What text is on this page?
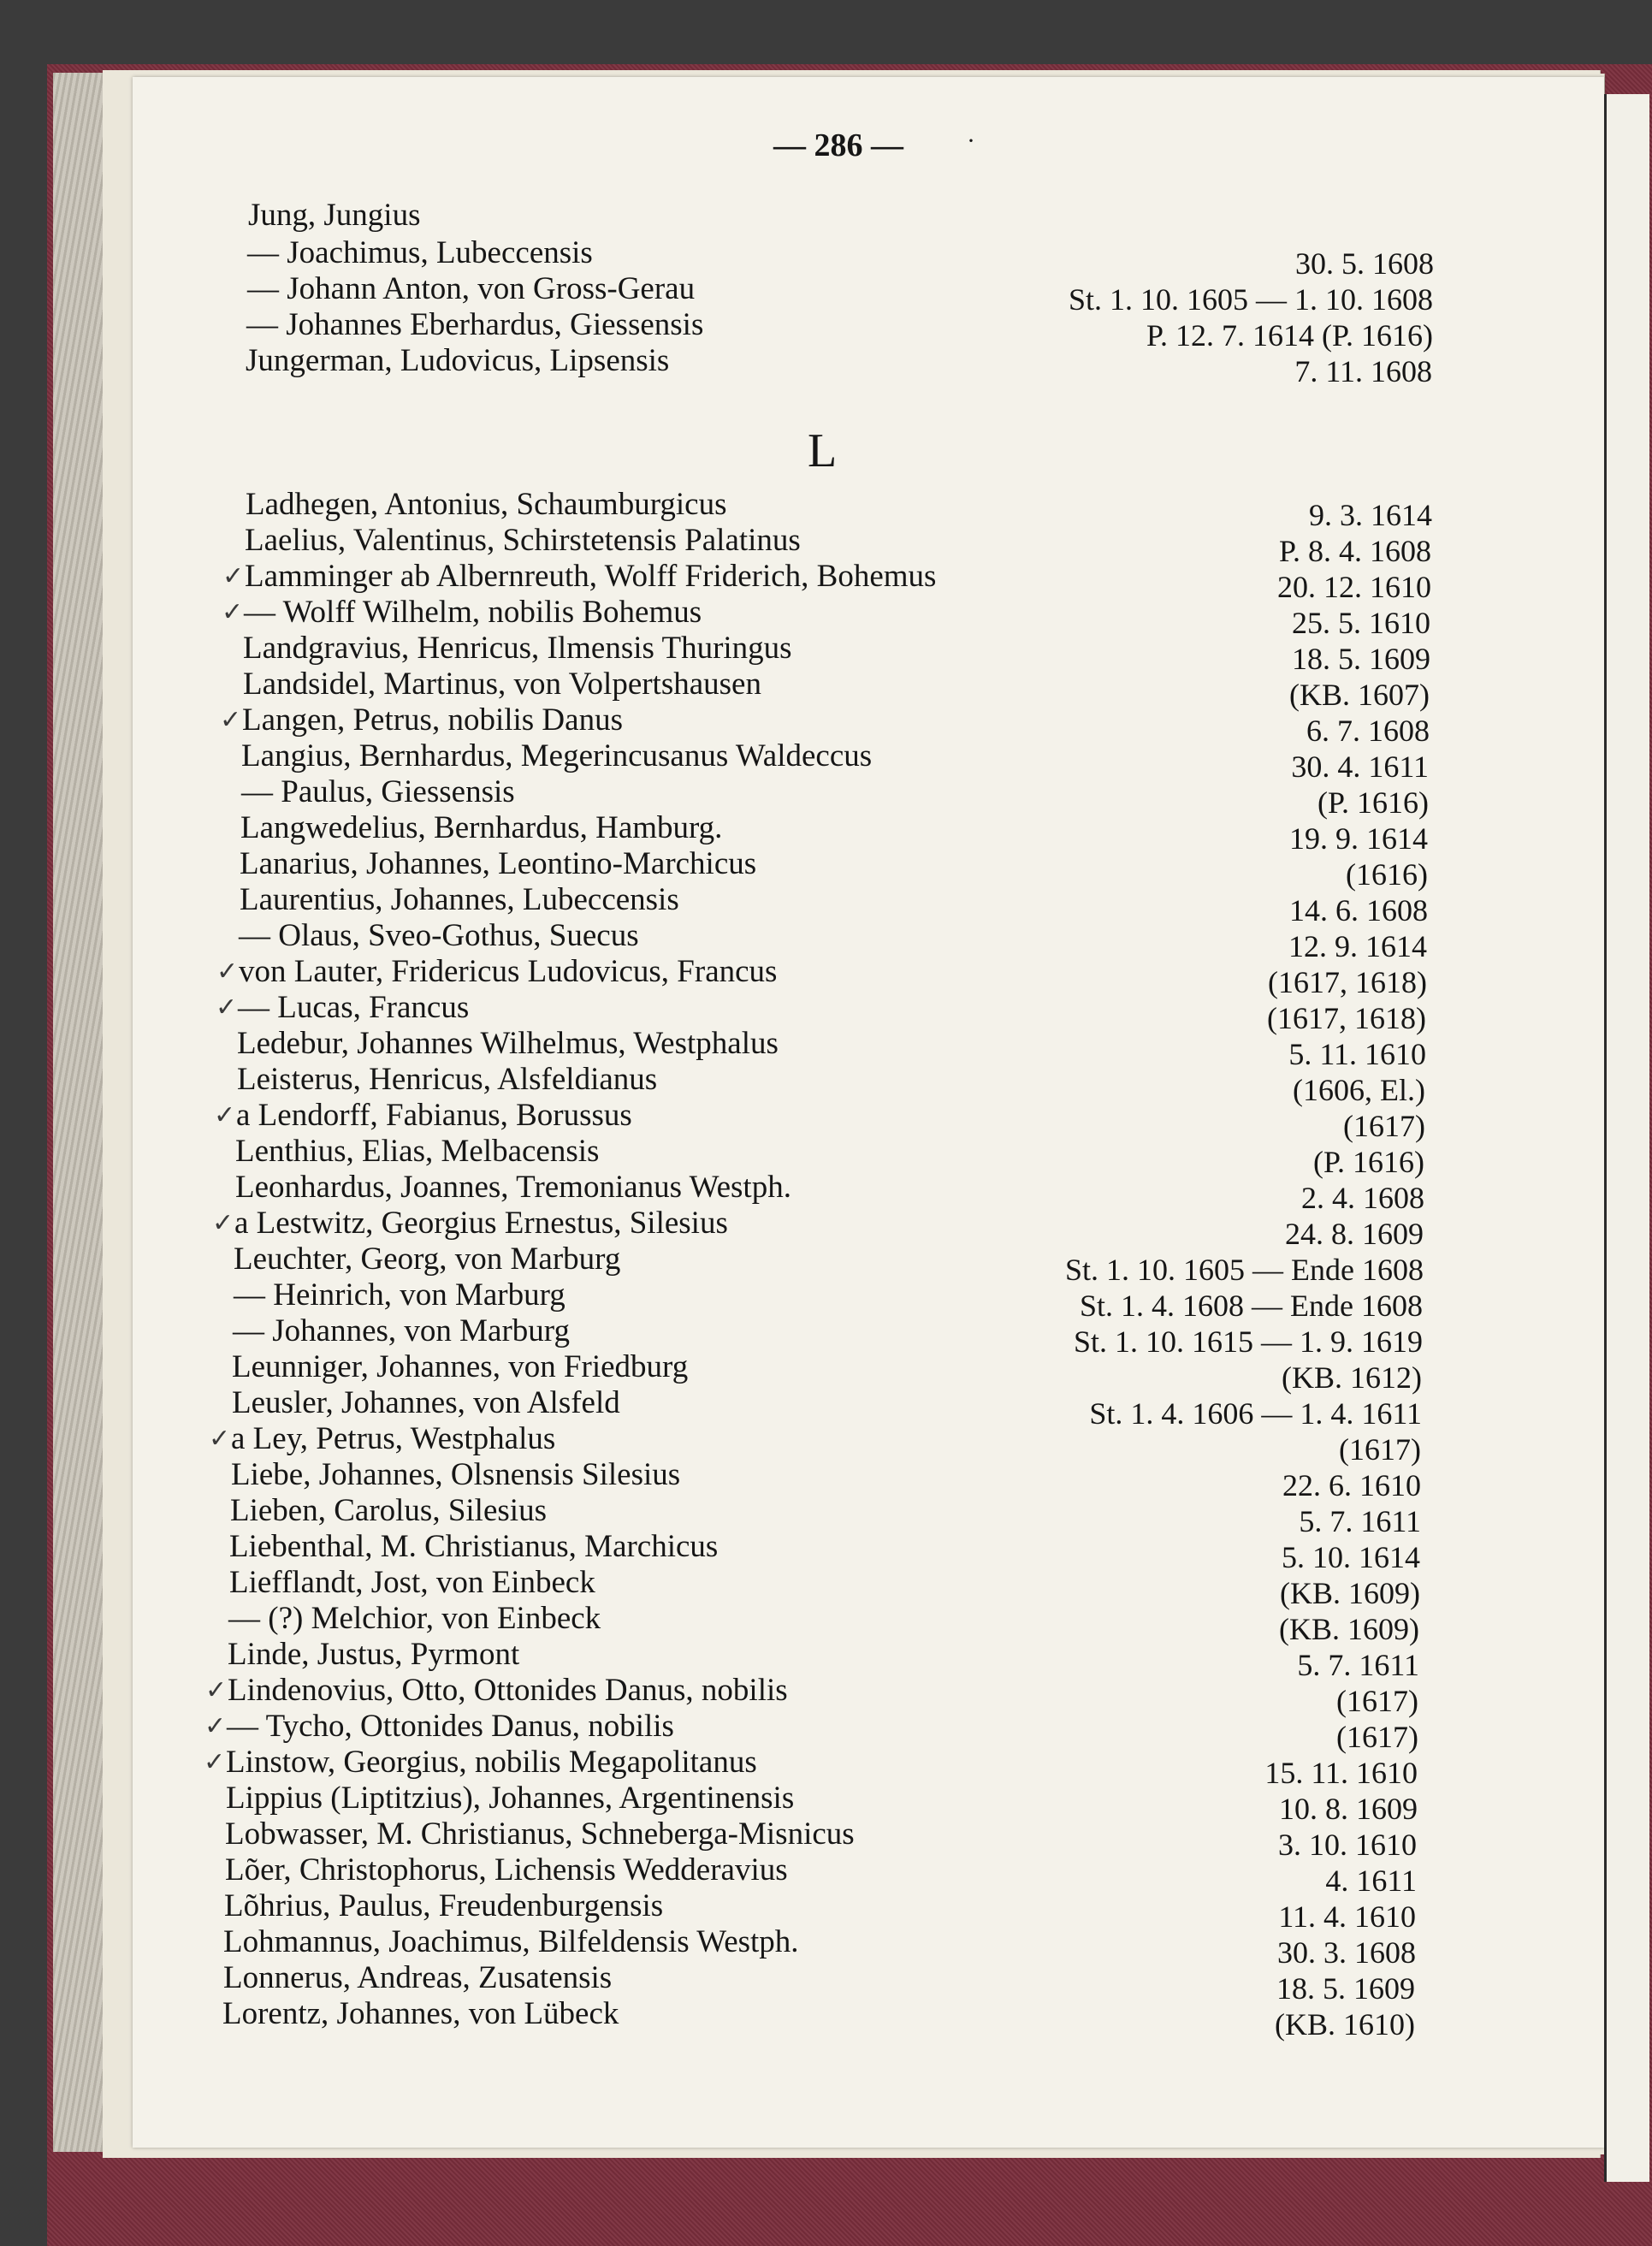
— 286 —	·
L
Jung, Jungius
— Joachimus, Lubeccensis	30. 5. 1608
— Johann Anton, von Gross-Gerau	St. 1. 10. 1605 — 1. 10. 1608
— Johannes Eberhardus, Giessensis	P. 12. 7. 1614 (P. 1616)
Jungerman, Ludovicus, Lipsensis	7. 11. 1608
Ladhegen, Antonius, Schaumburgicus	9. 3. 1614
Laelius, Valentinus, Schirstetensis Palatinus	P. 8. 4. 1608
Lamminger ab Albernreuth, Wolff Friderich, Bohemus	20. 12. 1610
✓
— Wolff Wilhelm, nobilis Bohemus	25. 5. 1610
✓
Landgravius, Henricus, Ilmensis Thuringus	18. 5. 1609
Landsidel, Martinus, von Volpertshausen	(KB. 1607)
Langen, Petrus, nobilis Danus	6. 7. 1608
✓
Langius, Bernhardus, Megerincusanus Waldeccus	30. 4. 1611
— Paulus, Giessensis	(P. 1616)
Langwedelius, Bernhardus, Hamburg.	19. 9. 1614
Lanarius, Johannes, Leontino-Marchicus	(1616)
Laurentius, Johannes, Lubeccensis	14. 6. 1608
— Olaus, Sveo-Gothus, Suecus	12. 9. 1614
von Lauter, Fridericus Ludovicus, Francus	(1617, 1618)
✓
— Lucas, Francus	(1617, 1618)
✓
Ledebur, Johannes Wilhelmus, Westphalus	5. 11. 1610
Leisterus, Henricus, Alsfeldianus	(1606, El.)
a Lendorff, Fabianus, Borussus	(1617)
✓
Lenthius, Elias, Melbacensis	(P. 1616)
Leonhardus, Joannes, Tremonianus Westph.	2. 4. 1608
a Lestwitz, Georgius Ernestus, Silesius	24. 8. 1609
✓
Leuchter, Georg, von Marburg	St. 1. 10. 1605 — Ende 1608
— Heinrich, von Marburg	St. 1. 4. 1608 — Ende 1608
— Johannes, von Marburg	St. 1. 10. 1615 — 1. 9. 1619
Leunniger, Johannes, von Friedburg	(KB. 1612)
Leusler, Johannes, von Alsfeld	St. 1. 4. 1606 — 1. 4. 1611
a Ley, Petrus, Westphalus	(1617)
✓
Liebe, Johannes, Olsnensis Silesius	22. 6. 1610
Lieben, Carolus, Silesius	5. 7. 1611
Liebenthal, M. Christianus, Marchicus	5. 10. 1614
Liefflandt, Jost, von Einbeck	(KB. 1609)
— (?) Melchior, von Einbeck	(KB. 1609)
Linde, Justus, Pyrmont	5. 7. 1611
Lindenovius, Otto, Ottonides Danus, nobilis	(1617)
✓
— Tycho, Ottonides Danus, nobilis	(1617)
✓
Linstow, Georgius, nobilis Megapolitanus	15. 11. 1610
✓
Lippius (Liptitzius), Johannes, Argentinensis	10. 8. 1609
Lobwasser, M. Christianus, Schneberga-Misnicus	3. 10. 1610
Lõer, Christophorus, Lichensis Wedderavius	4. 1611
Lõhrius, Paulus, Freudenburgensis	11. 4. 1610
Lohmannus, Joachimus, Bilfeldensis Westph.	30. 3. 1608
Lonnerus, Andreas, Zusatensis	18. 5. 1609
Lorentz, Johannes, von Lübeck	(KB. 1610)
